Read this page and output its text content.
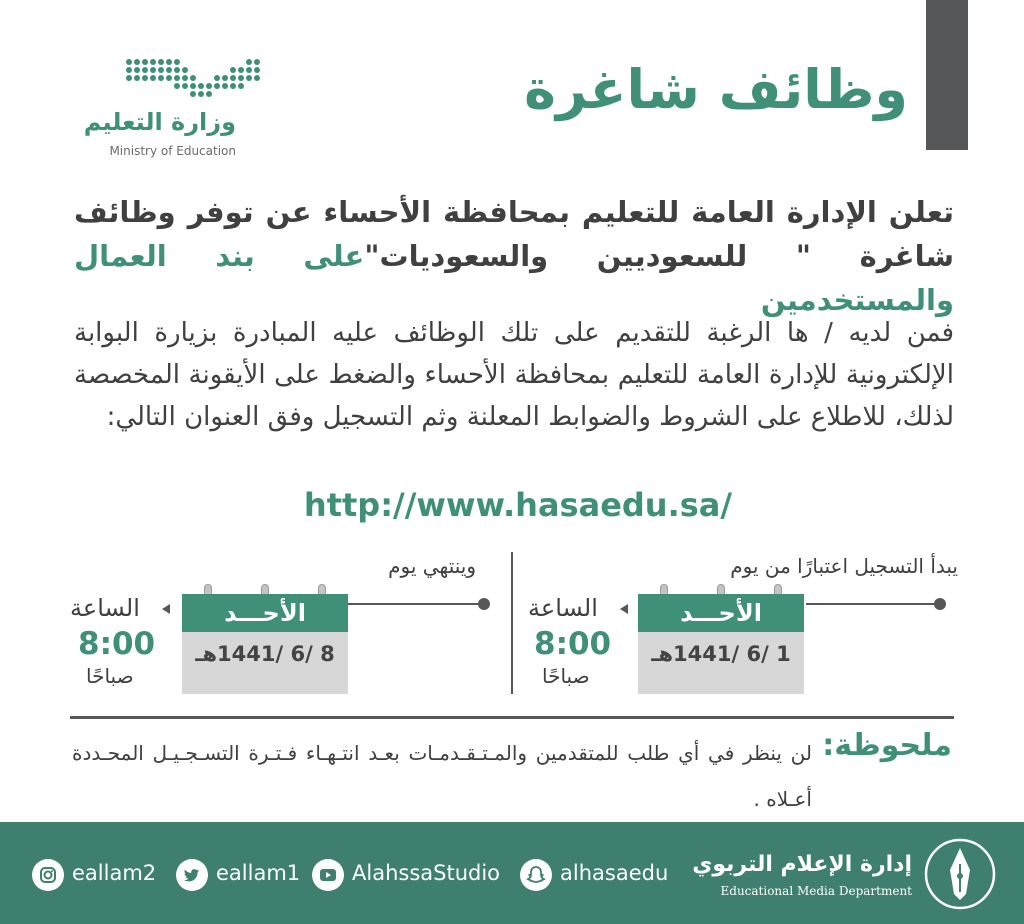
وظائف شاغرة
وزارة التعليم
Ministry of Education
تعلن الإدارة العامة للتعليم بمحافظة الأحساء عن توفر وظائف شاغرة " للسعوديين والسعوديات"على بند العمال والمستخدمين
فمن لديه / ها الرغبة للتقديم على تلك الوظائف عليه المبادرة بزيارة البوابة الإلكترونية للإدارة العامة للتعليم بمحافظة الأحساء والضغط على الأيقونة المخصصة لذلك، للاطلاع على الشروط والضوابط المعلنة وثم التسجيل وفق العنوان التالي:
http://www.hasaedu.sa/
يبدأ التسجيل اعتبارًا من يوم
الأحـــد
1 /6 /1441هـ
الساعة
8:00
صباحًا
وينتهي يوم
الأحـــد
8 /6 /1441هـ
الساعة
8:00
صباحًا
ملحوظة:
لن ينظر في أي طلب للمتقدمين والمـتـقـدمـات بعـد انتـهـاء فـتـرة التسـجـيـل المحـددة أعـلاه .
eallam2	eallam1 AlahssaStudio	alhasaedu إدارة الإعلام التربوي
Educational Media Department
